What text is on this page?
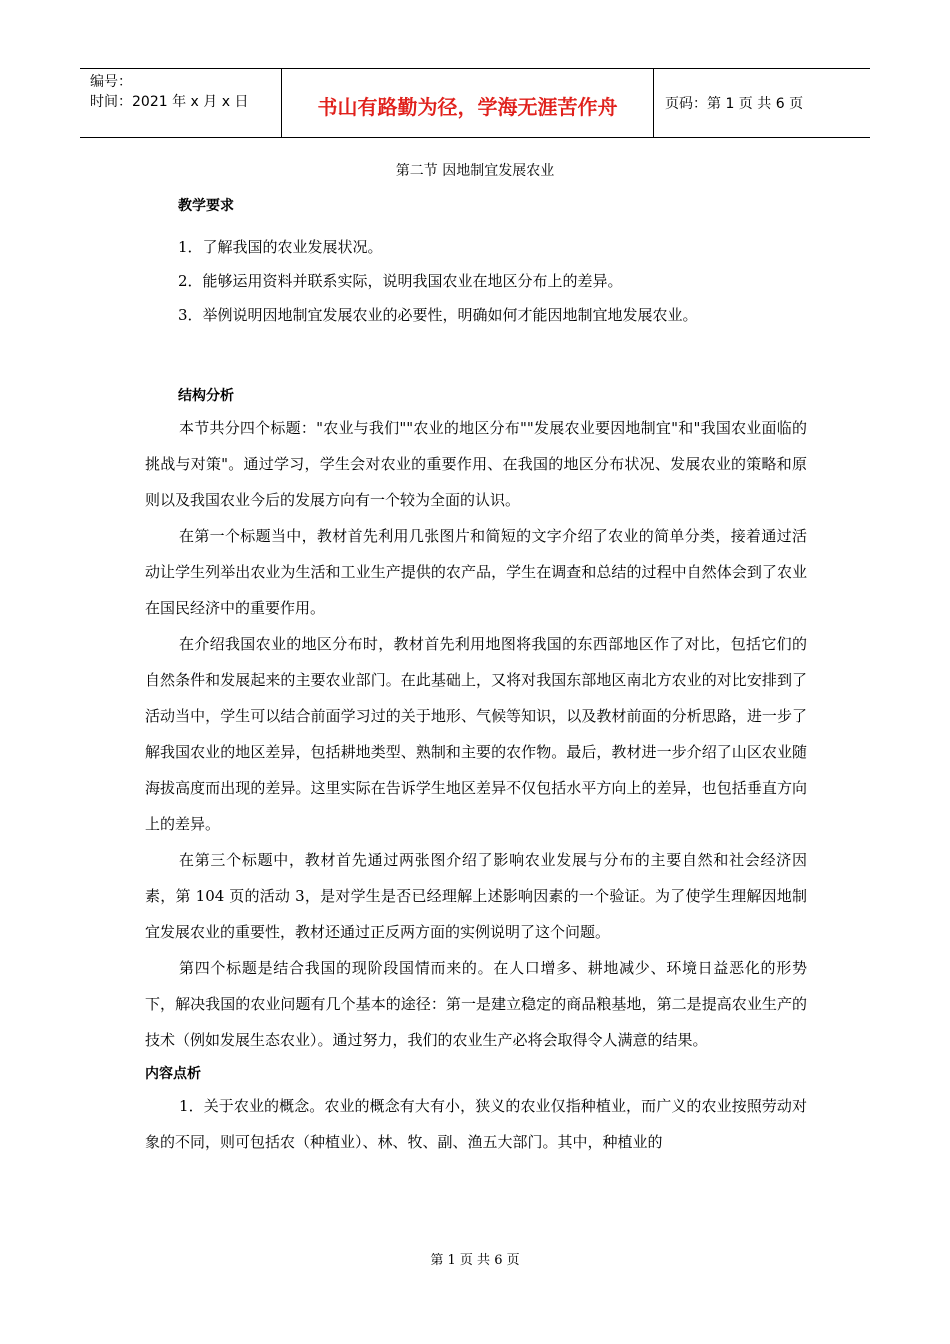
编号：
时间：2021 年 x 月 x 日	书山有路勤为径，学海无涯苦作舟	页码：第 1 页 共 6 页
第二节 因地制宜发展农业
教学要求
1．了解我国的农业发展状况。
2．能够运用资料并联系实际，说明我国农业在地区分布上的差异。
3．举例说明因地制宜发展农业的必要性，明确如何才能因地制宜地发展农业。
结构分析

本节共分四个标题："农业与我们""农业的地区分布""发展农业要因地制宜"和"我国农业面临的挑战与对策"。通过学习，学生会对农业的重要作用、在我国的地区分布状况、发展农业的策略和原则以及我国农业今后的发展方向有一个较为全面的认识。

在第一个标题当中，教材首先利用几张图片和简短的文字介绍了农业的简单分类，接着通过活动让学生列举出农业为生活和工业生产提供的农产品，学生在调查和总结的过程中自然体会到了农业在国民经济中的重要作用。

在介绍我国农业的地区分布时，教材首先利用地图将我国的东西部地区作了对比，包括它们的自然条件和发展起来的主要农业部门。在此基础上，又将对我国东部地区南北方农业的对比安排到了活动当中，学生可以结合前面学习过的关于地形、气候等知识，以及教材前面的分析思路，进一步了解我国农业的地区差异，包括耕地类型、熟制和主要的农作物。最后，教材进一步介绍了山区农业随海拔高度而出现的差异。这里实际在告诉学生地区差异不仅包括水平方向上的差异，也包括垂直方向上的差异。

在第三个标题中，教材首先通过两张图介绍了影响农业发展与分布的主要自然和社会经济因素，第 104 页的活动 3，是对学生是否已经理解上述影响因素的一个验证。为了使学生理解因地制宜发展农业的重要性，教材还通过正反两方面的实例说明了这个问题。

第四个标题是结合我国的现阶段国情而来的。在人口增多、耕地减少、环境日益恶化的形势下，解决我国的农业问题有几个基本的途径：第一是建立稳定的商品粮基地，第二是提高农业生产的技术（例如发展生态农业）。通过努力，我们的农业生产必将会取得令人满意的结果。

内容点析

1．关于农业的概念。农业的概念有大有小，狭义的农业仅指种植业，而广义的农业按照劳动对象的不同，则可包括农（种植业）、林、牧、副、渔五大部门。其中，种植业的

第 1 页 共 6 页
